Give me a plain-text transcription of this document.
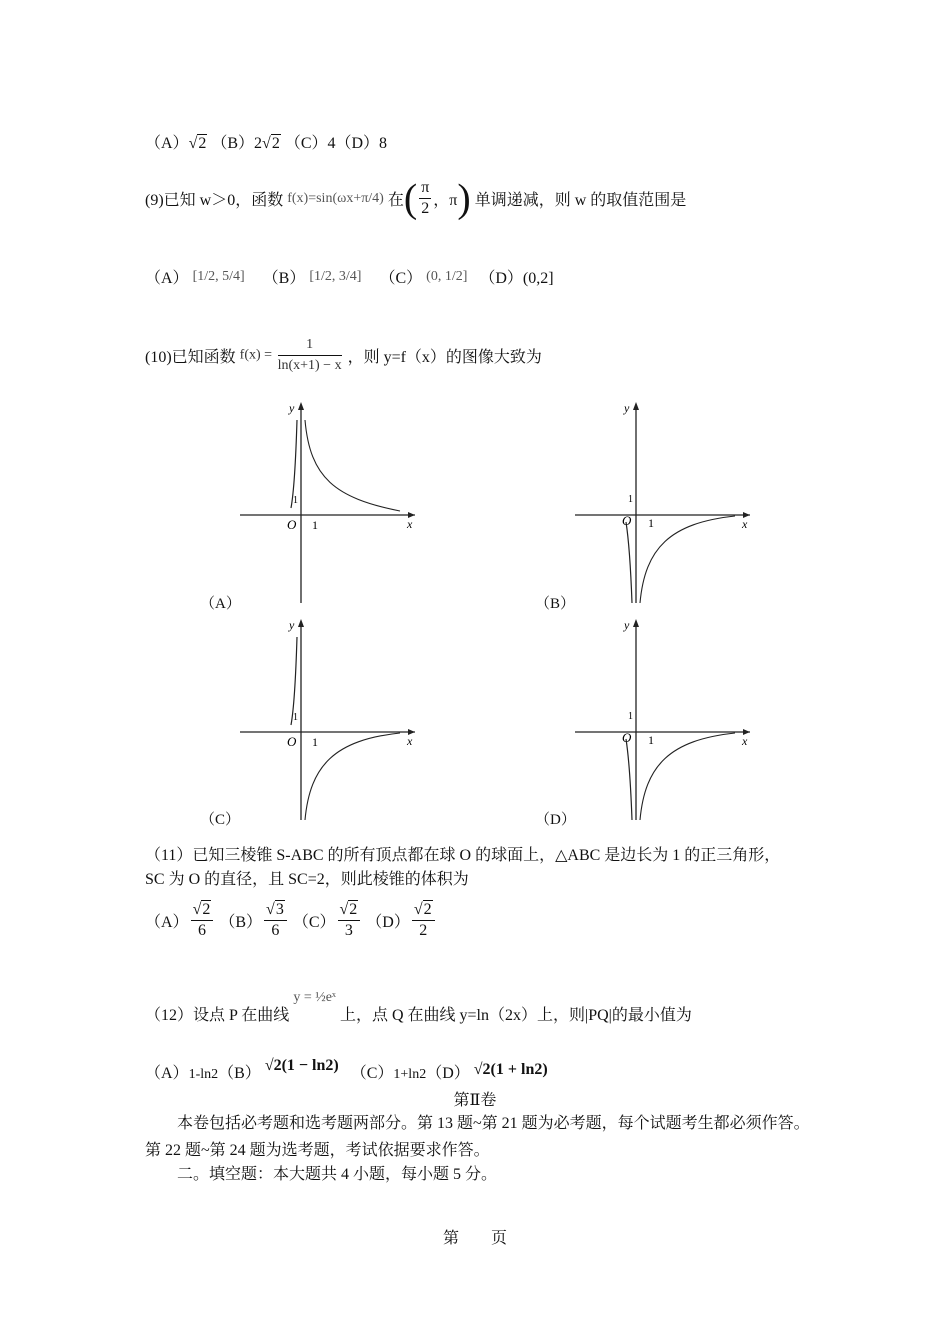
（A）√2 （B）2√2 （C）4（D）8
(9)已知 w＞0，函数 f(x)=sin(ωx+π/4) 在( $\frac{\pi}{2}$ ，π) 单调递减，则 w 的取值范围是
（A） [1/2, 5/4] （B） [1/2, 3/4] （C） (0, 1/2] （D）(0,2]
(10)已知函数 $f(x) = \frac{1}{\ln(x+1) - x}$ ，则 y=f（x）的图像大致为
y
x
O 1
1
（A）
y
x
O 1
1
（B）
y
x
O 1
1
（C）
y
x
O 1
1
（D）
（11）已知三棱锥 S-ABC 的所有顶点都在球 O 的球面上，△ABC 是边长为 1 的正三角形，
SC 为 O 的直径，且 SC=2，则此棱锥的体积为
$(A) \frac{√2}{6} (B) \frac{√3}{6} (C) \frac{√2}{3} (D) \frac{√2}{2}$
（12）设点 P 在曲线 y = ½eˣ 上，点 Q 在曲线 y=ln（2x）上，则|PQ|的最小值为
（A）1-ln2（B） √2(1 − ln2) （C）1+ln2（D） √2(1 + ln2)
第Ⅱ卷
本卷包括必考题和选考题两部分。第 13 题~第 21 题为必考题，每个试题考生都必须作答。第 22 题~第 24 题为选考题，考试依据要求作答。
二。填空题：本大题共 4 小题，每小题 5 分。
第　　页
